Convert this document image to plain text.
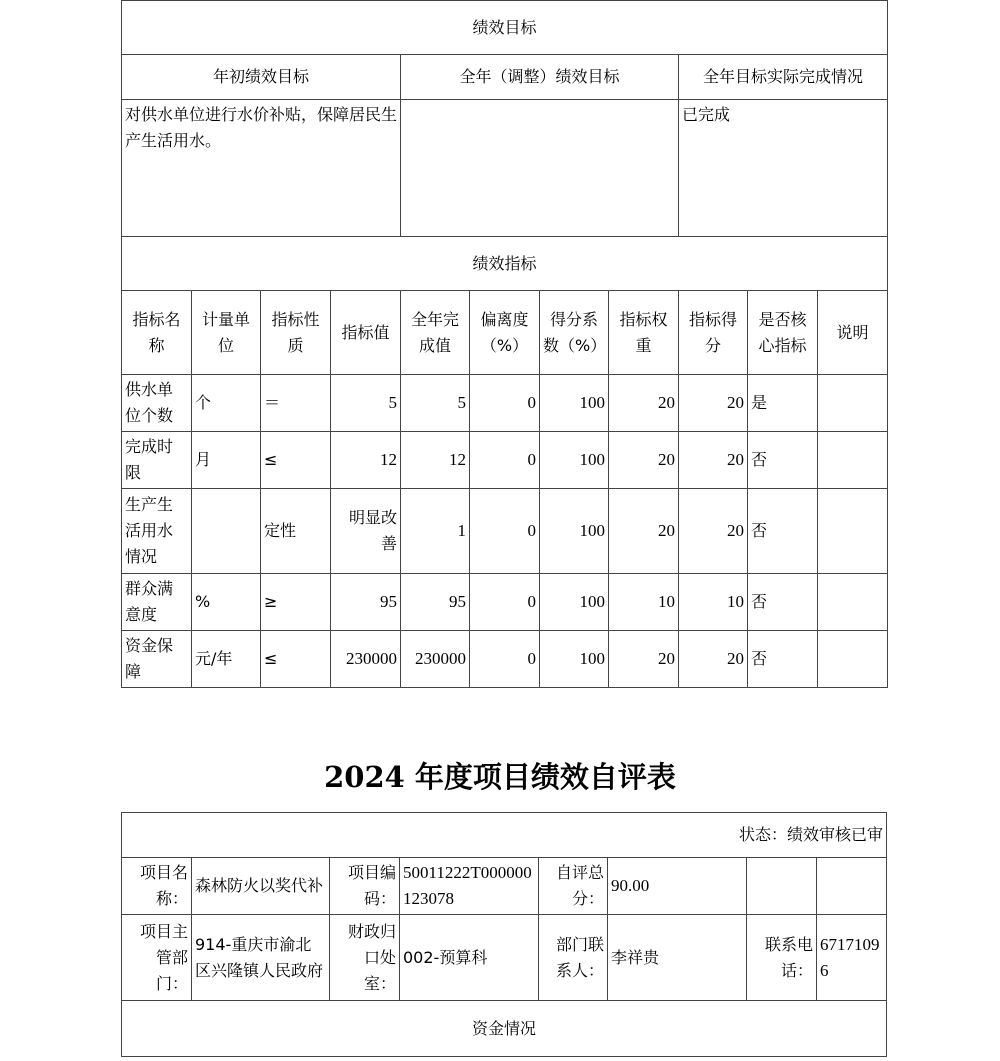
绩效目标										
年初绩效目标				全年（调整）绩效目标				全年目标实际完成情况		
对供水单位进行水价补贴，保障居民生产生活用水。								已完成		
绩效指标										
指标名称	计量单位	指标性质	指标值	全年完成值	偏离度（%）	得分系数（%）	指标权重	指标得分	是否核心指标	说明
供水单位个数	个	＝	5	5	0	100	20	20	是	
完成时限	月	≤	12	12	0	100	20	20	否	
生产生活用水情况		定性	明显改善	1	0	100	20	20	否	
群众满意度	%	≥	95	95	0	100	10	10	否	
资金保障	元/年	≤	230000	230000	0	100	20	20	否	
2024 年度项目绩效自评表
状态：绩效审核已审							
项目名称：	森林防火以奖代补	项目编码：	50011222T000000123078	自评总分：	90.00		
项目主管部门：	914-重庆市渝北区兴隆镇人民政府	财政归口处室：	002-预算科	部门联系人：	李祥贵	联系电话：	67171096
资金情况							
